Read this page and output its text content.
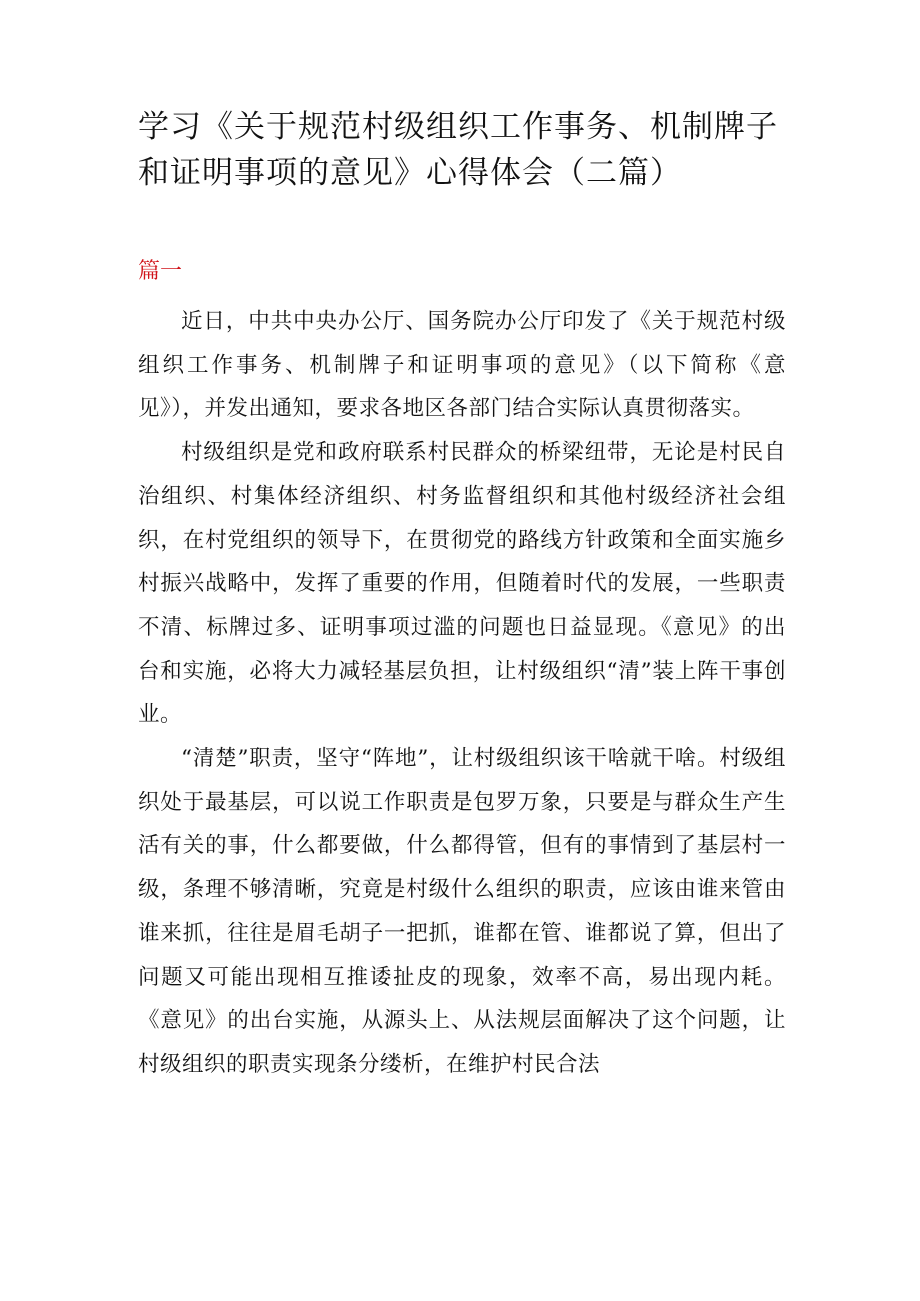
学习《关于规范村级组织工作事务、机制牌子和证明事项的意见》心得体会（二篇）
篇一

近日，中共中央办公厅、国务院办公厅印发了《关于规范村级组织工作事务、机制牌子和证明事项的意见》（以下简称《意见》），并发出通知，要求各地区各部门结合实际认真贯彻落实。

村级组织是党和政府联系村民群众的桥梁纽带，无论是村民自治组织、村集体经济组织、村务监督组织和其他村级经济社会组织，在村党组织的领导下，在贯彻党的路线方针政策和全面实施乡村振兴战略中，发挥了重要的作用，但随着时代的发展，一些职责不清、标牌过多、证明事项过滥的问题也日益显现。《意见》的出台和实施，必将大力减轻基层负担，让村级组织“清”装上阵干事创业。

“清楚”职责，坚守“阵地”，让村级组织该干啥就干啥。村级组织处于最基层，可以说工作职责是包罗万象，只要是与群众生产生活有关的事，什么都要做，什么都得管，但有的事情到了基层村一级，条理不够清晰，究竟是村级什么组织的职责，应该由谁来管由谁来抓，往往是眉毛胡子一把抓，谁都在管、谁都说了算，但出了问题又可能出现相互推诿扯皮的现象，效率不高，易出现内耗。《意见》的出台实施，从源头上、从法规层面解决了这个问题，让村级组织的职责实现条分缕析，在维护村民合法
